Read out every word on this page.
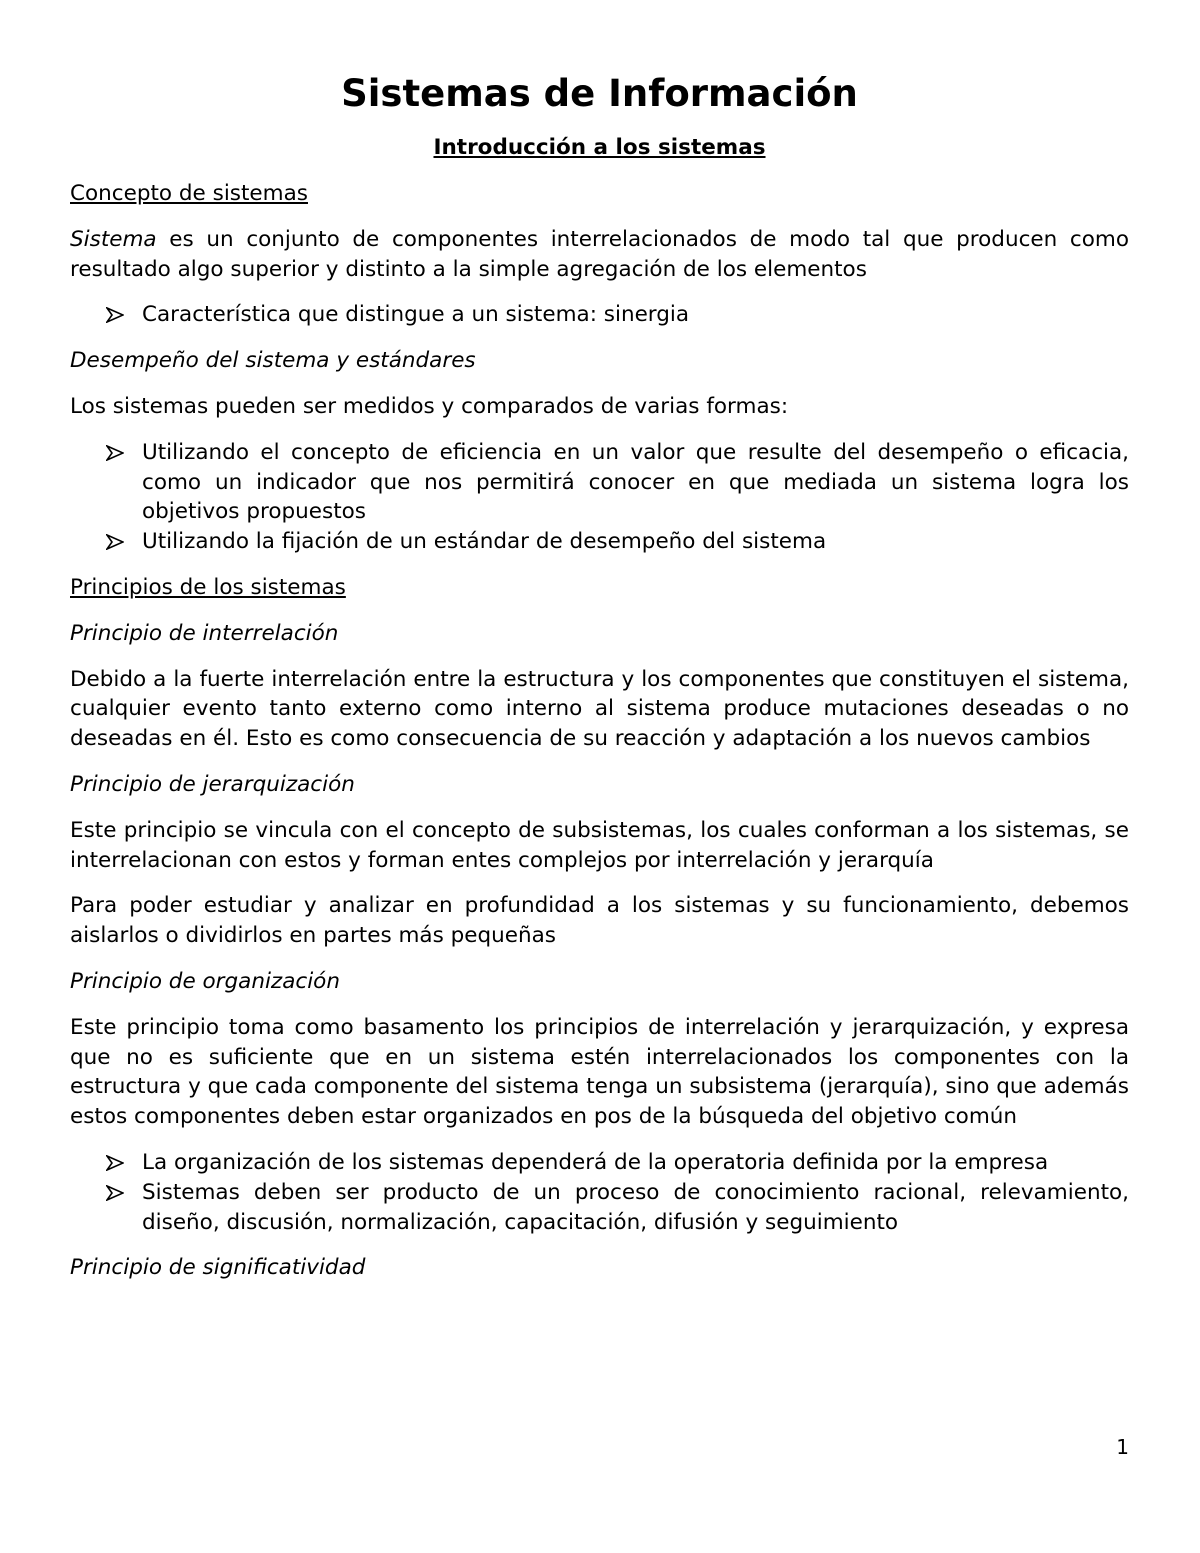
Sistemas de Información
Introducción a los sistemas

Concepto de sistemas

Sistema es un conjunto de componentes interrelacionados de modo tal que producen como resultado algo superior y distinto a la simple agregación de los elementos

Característica que distingue a un sistema: sinergia

Desempeño del sistema y estándares

Los sistemas pueden ser medidos y comparados de varias formas:

Utilizando el concepto de eficiencia en un valor que resulte del desempeño o eficacia, como un indicador que nos permitirá conocer en que mediada un sistema logra los objetivos propuestos
Utilizando la fijación de un estándar de desempeño del sistema

Principios de los sistemas

Principio de interrelación

Debido a la fuerte interrelación entre la estructura y los componentes que constituyen el sistema, cualquier evento tanto externo como interno al sistema produce mutaciones deseadas o no deseadas en él. Esto es como consecuencia de su reacción y adaptación a los nuevos cambios

Principio de jerarquización

Este principio se vincula con el concepto de subsistemas, los cuales conforman a los sistemas, se interrelacionan con estos y forman entes complejos por interrelación y jerarquía

Para poder estudiar y analizar en profundidad a los sistemas y su funcionamiento, debemos aislarlos o dividirlos en partes más pequeñas

Principio de organización

Este principio toma como basamento los principios de interrelación y jerarquización, y expresa que no es suficiente que en un sistema estén interrelacionados los componentes con la estructura y que cada componente del sistema tenga un subsistema (jerarquía), sino que además estos componentes deben estar organizados en pos de la búsqueda del objetivo común

La organización de los sistemas dependerá de la operatoria definida por la empresa
Sistemas deben ser producto de un proceso de conocimiento racional, relevamiento, diseño, discusión, normalización, capacitación, difusión y seguimiento

Principio de significatividad

1
